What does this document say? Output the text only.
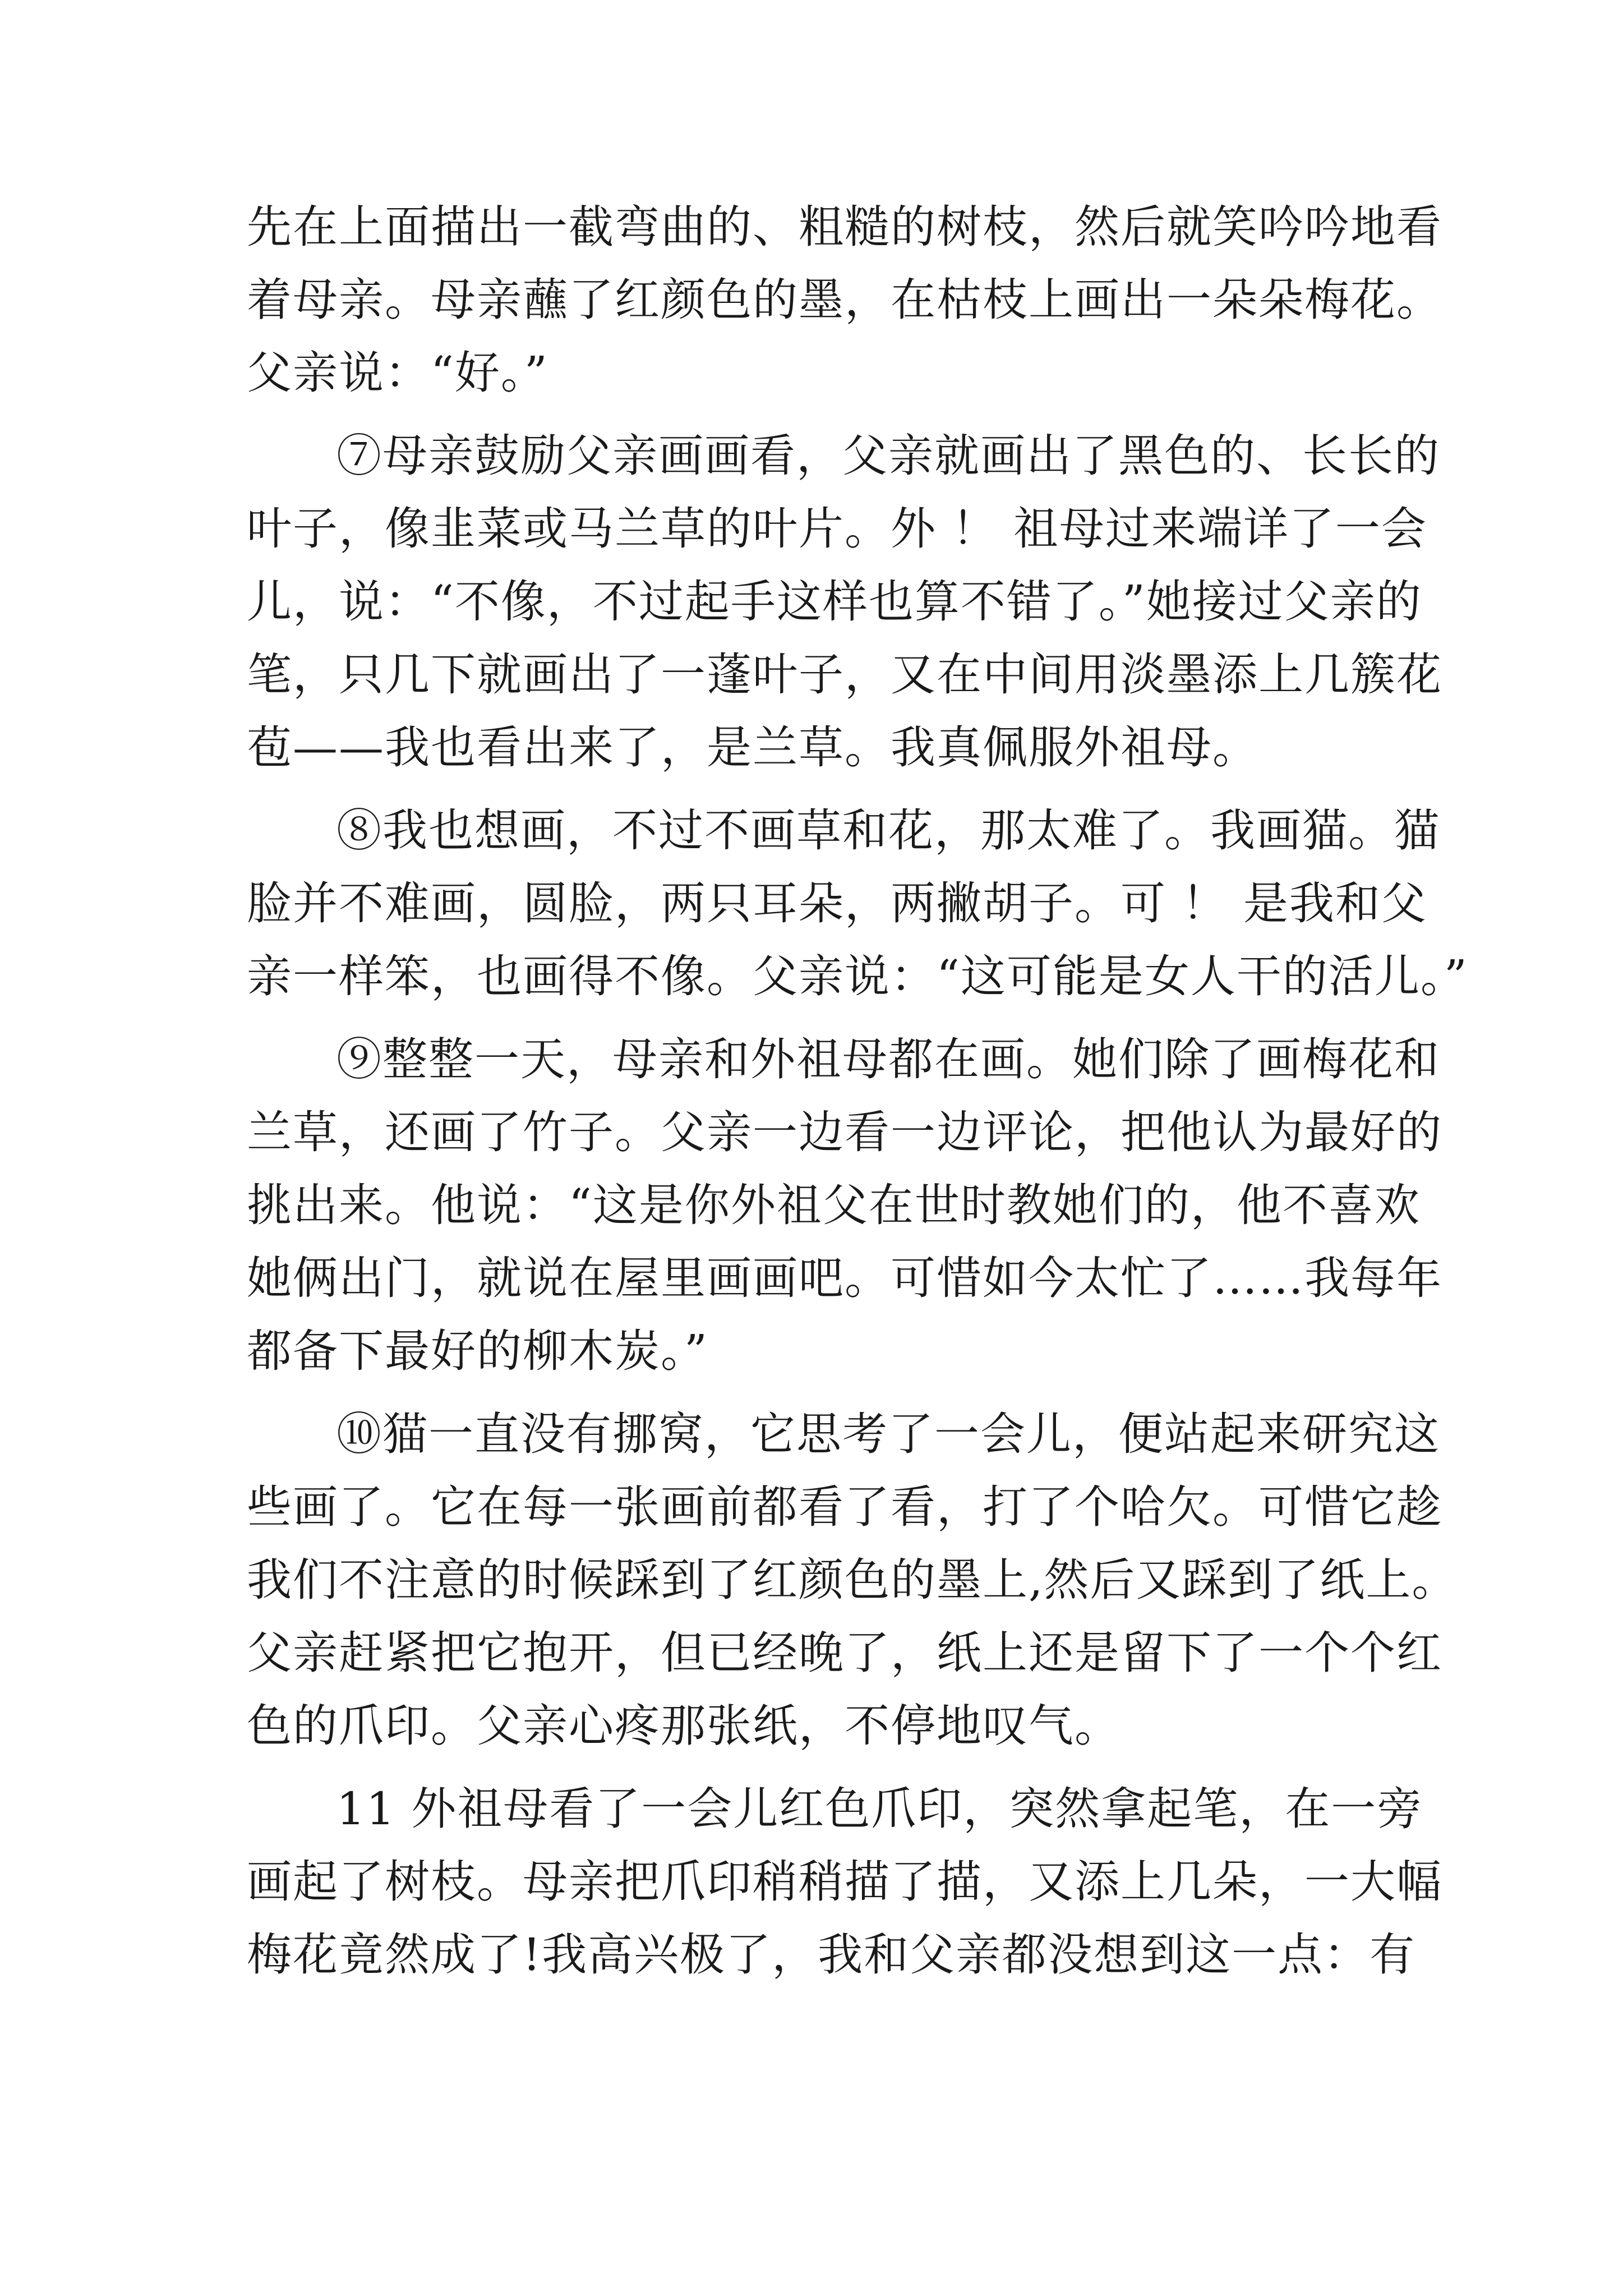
先在上面描出一截弯曲的、粗糙的树枝，然后就笑吟吟地看
着母亲。母亲蘸了红颜色的墨，在枯枝上画出一朵朵梅花。
父亲说：“好。”
⑦母亲鼓励父亲画画看，父亲就画出了黑色的、长长的
叶子，像韭菜或马兰草的叶片。外 ！ 祖母过来端详了一会
儿，说：“不像，不过起手这样也算不错了。”她接过父亲的
笔，只几下就画出了一蓬叶子，又在中间用淡墨添上几簇花
苞——我也看出来了，是兰草。我真佩服外祖母。
⑧我也想画，不过不画草和花，那太难了。我画猫。猫
脸并不难画，圆脸，两只耳朵，两撇胡子。可 ！ 是我和父
亲一样笨，也画得不像。父亲说：“这可能是女人干的活儿。”
⑨整整一天，母亲和外祖母都在画。她们除了画梅花和
兰草，还画了竹子。父亲一边看一边评论，把他认为最好的
挑出来。他说：“这是你外祖父在世时教她们的，他不喜欢
她俩出门，就说在屋里画画吧。可惜如今太忙了……我每年
都备下最好的柳木炭。”
⑩猫一直没有挪窝，它思考了一会儿，便站起来研究这
些画了。它在每一张画前都看了看，打了个哈欠。可惜它趁
我们不注意的时候踩到了红颜色的墨上,然后又踩到了纸上。
父亲赶紧把它抱开，但已经晚了，纸上还是留下了一个个红
色的爪印。父亲心疼那张纸，不停地叹气。
11 外祖母看了一会儿红色爪印，突然拿起笔，在一旁
画起了树枝。母亲把爪印稍稍描了描，又添上几朵，一大幅
梅花竟然成了!我高兴极了，我和父亲都没想到这一点：有
